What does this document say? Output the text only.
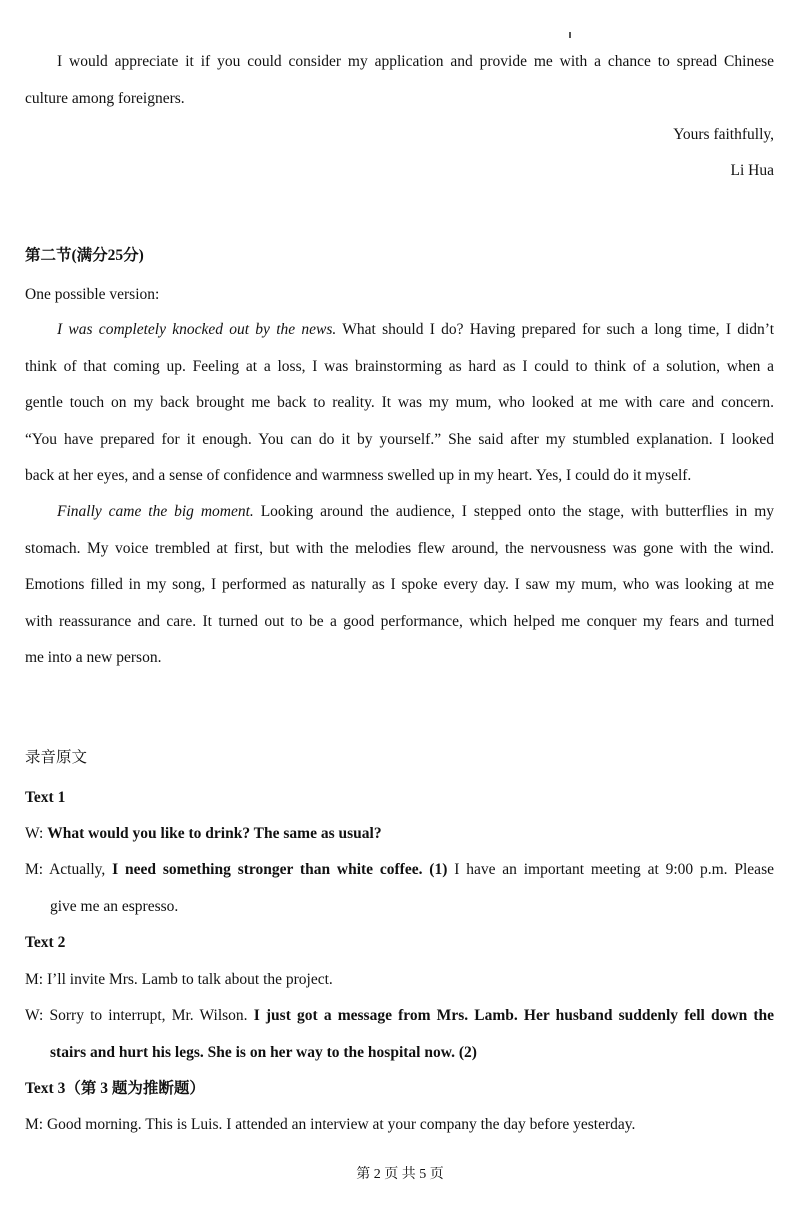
I would appreciate it if you could consider my application and provide me with a chance to spread Chinese
culture among foreigners.
Yours faithfully,
Li Hua
第二节(满分25分)
One possible version:
I was completely knocked out by the news. What should I do? Having prepared for such a long time, I didn’t
think of that coming up. Feeling at a loss, I was brainstorming as hard as I could to think of a solution, when a
gentle touch on my back brought me back to reality. It was my mum, who looked at me with care and concern.
“You have prepared for it enough. You can do it by yourself.” She said after my stumbled explanation. I looked
back at her eyes, and a sense of confidence and warmness swelled up in my heart. Yes, I could do it myself.
Finally came the big moment. Looking around the audience, I stepped onto the stage, with butterflies in my
stomach. My voice trembled at first, but with the melodies flew around, the nervousness was gone with the wind.
Emotions filled in my song, I performed as naturally as I spoke every day. I saw my mum, who was looking at me
with reassurance and care. It turned out to be a good performance, which helped me conquer my fears and turned
me into a new person.
录音原文
Text 1
W: What would you like to drink? The same as usual?
M: Actually, I need something stronger than white coffee. (1) I have an important meeting at 9:00 p.m. Please
give me an espresso.
Text 2
M: I’ll invite Mrs. Lamb to talk about the project.
W: Sorry to interrupt, Mr. Wilson. I just got a message from Mrs. Lamb. Her husband suddenly fell down the
stairs and hurt his legs. She is on her way to the hospital now. (2)
Text 3（第 3 题为推断题）
M: Good morning. This is Luis. I attended an interview at your company the day before yesterday.
第 2 页 共 5 页
